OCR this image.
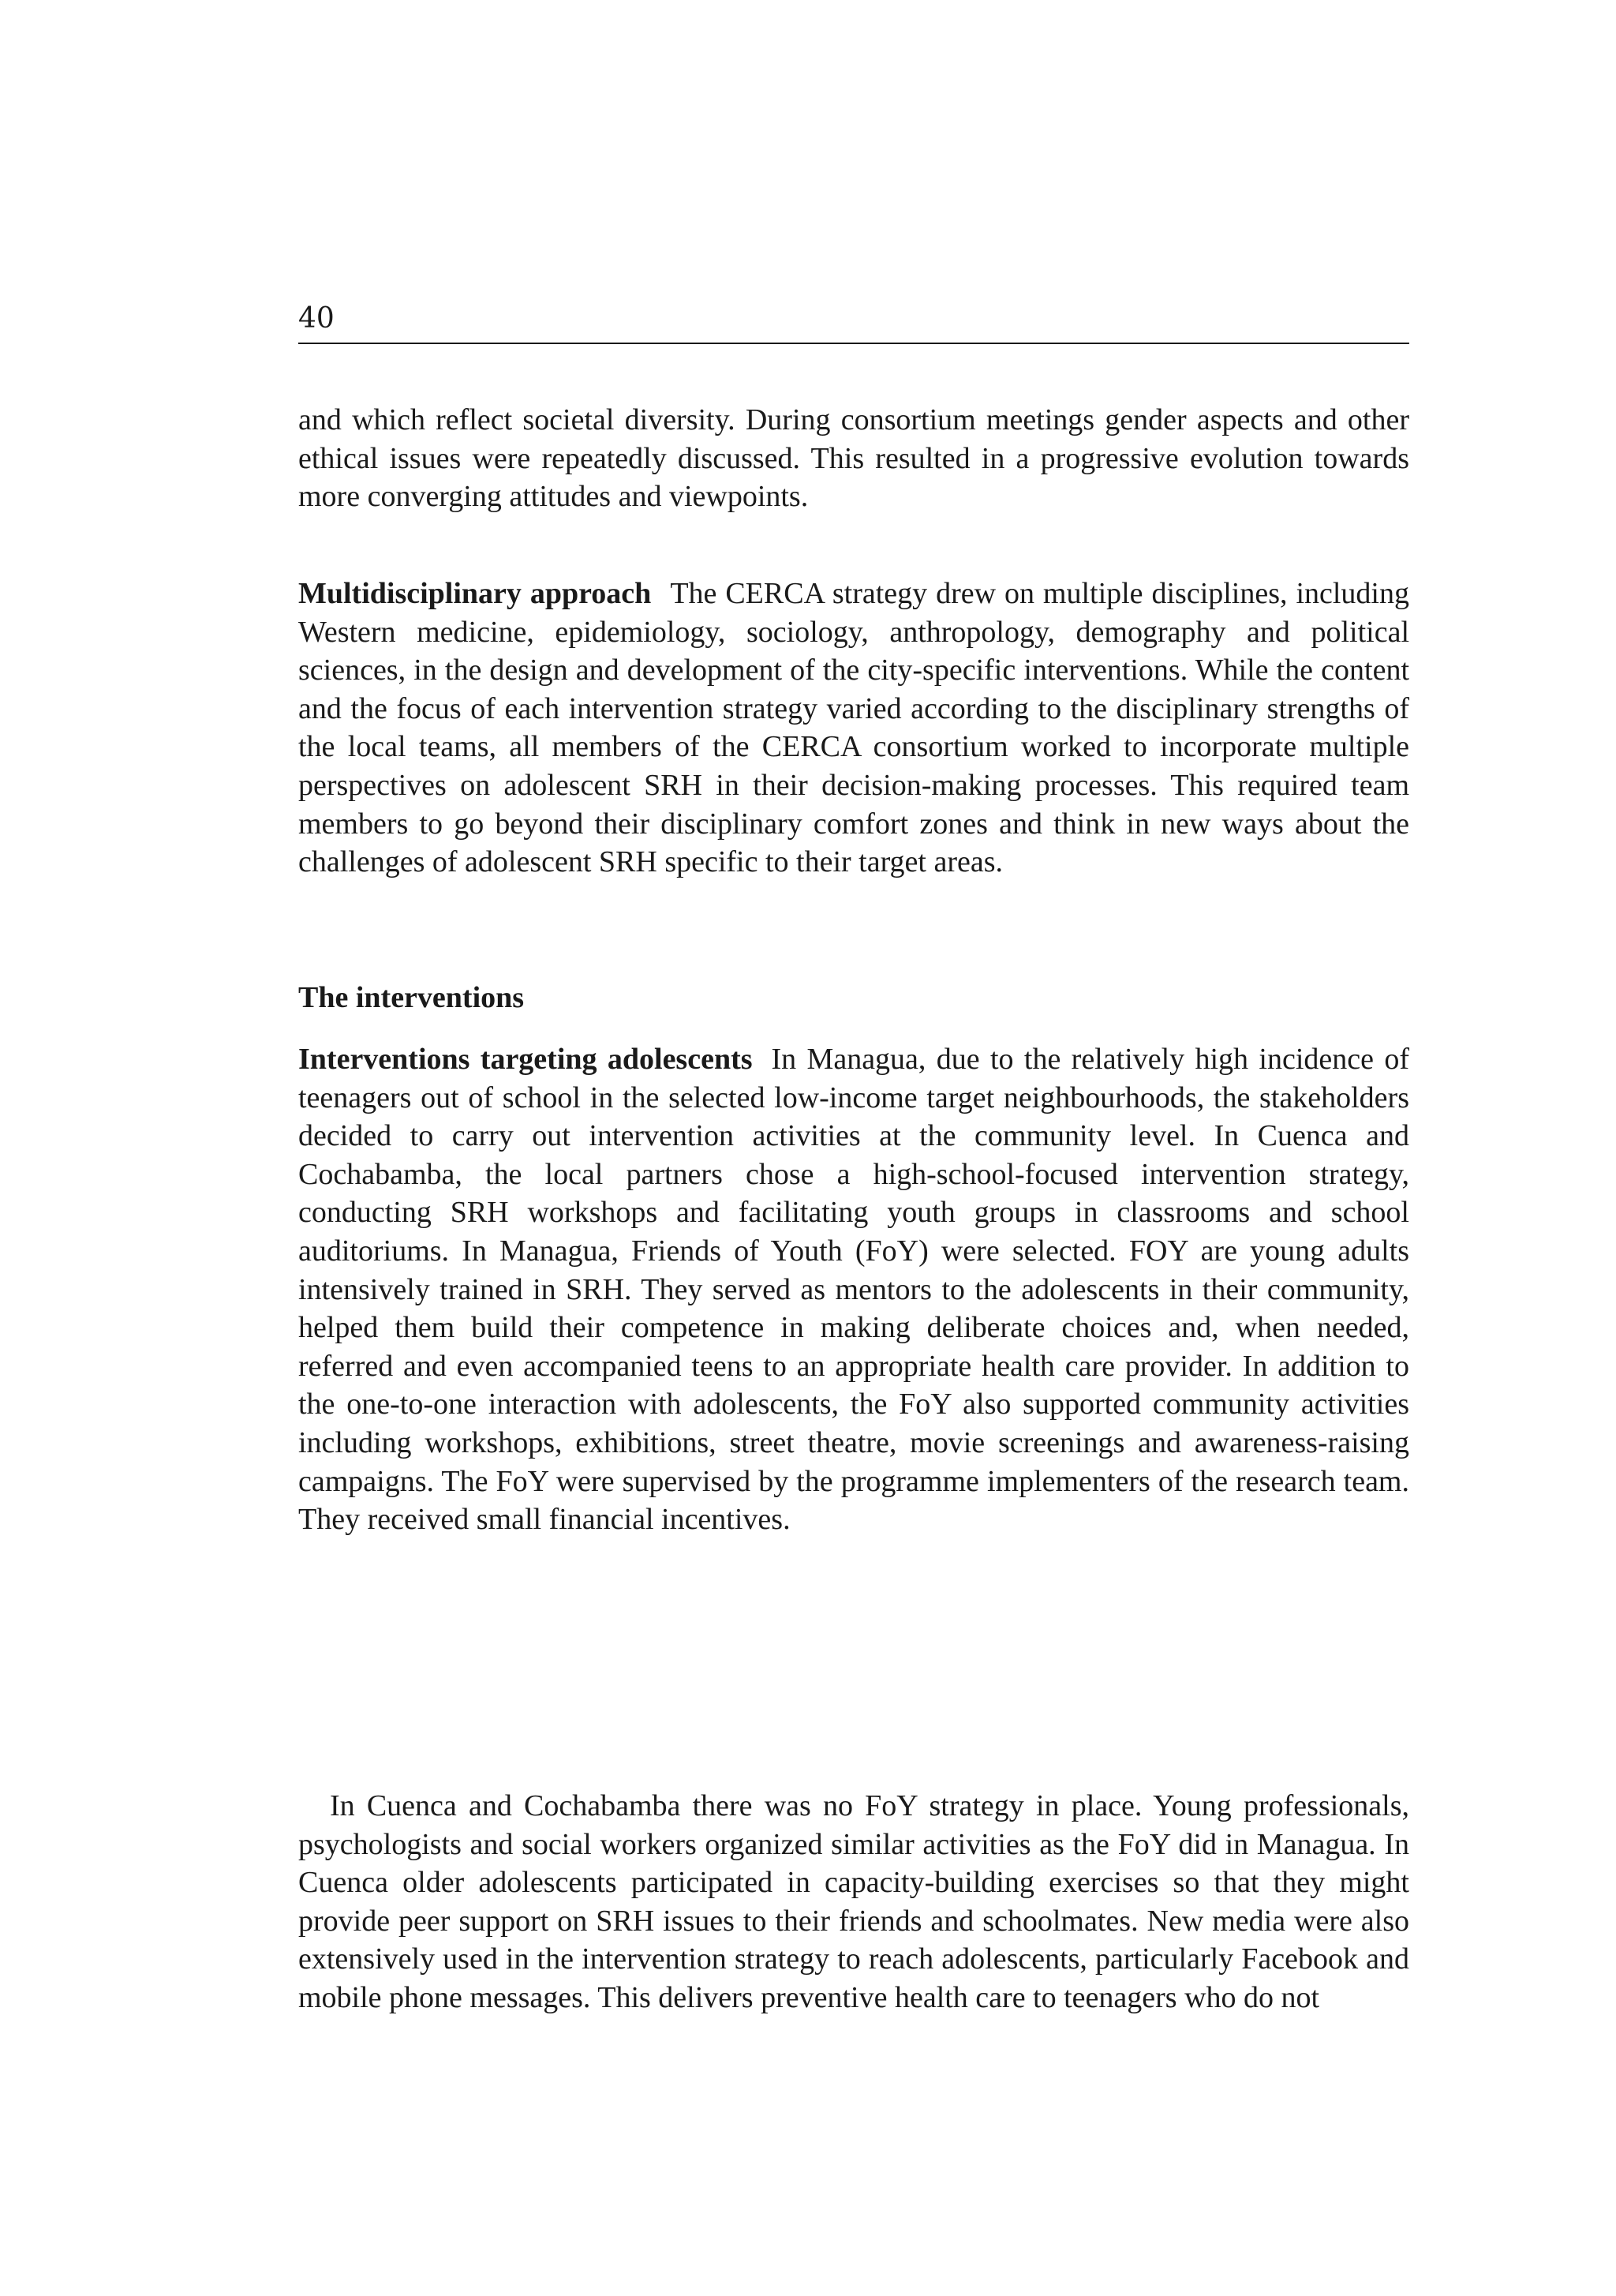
40

and which reflect societal diversity. During consortium meetings gender aspects and other ethical issues were repeatedly discussed. This resulted in a progressive evolution towards more converging attitudes and viewpoints.

Multidisciplinary approach The CERCA strategy drew on multiple disciplines, including Western medicine, epidemiology, sociology, anthropology, demography and political sciences, in the design and development of the city-specific interventions. While the content and the focus of each intervention strategy varied according to the disciplinary strengths of the local teams, all members of the CERCA consortium worked to incorporate multiple perspectives on adolescent SRH in their decision-making processes. This required team members to go beyond their disciplinary comfort zones and think in new ways about the challenges of adolescent SRH specific to their target areas.

The interventions

Interventions targeting adolescents In Managua, due to the relatively high incidence of teenagers out of school in the selected low-income target neighbourhoods, the stakeholders decided to carry out intervention activities at the community level. In Cuenca and Cochabamba, the local partners chose a high-school-focused intervention strategy, conducting SRH workshops and facilitating youth groups in classrooms and school auditoriums. In Managua, Friends of Youth (FoY) were selected. FOY are young adults intensively trained in SRH. They served as mentors to the adolescents in their community, helped them build their competence in making deliberate choices and, when needed, referred and even accompanied teens to an appropriate health care provider. In addition to the one-to-one interaction with adolescents, the FoY also supported community activities including workshops, exhibitions, street theatre, movie screenings and awareness-raising campaigns. The FoY were supervised by the programme implementers of the research team. They received small financial incentives.

In Cuenca and Cochabamba there was no FoY strategy in place. Young professionals, psychologists and social workers organized similar activities as the FoY did in Managua. In Cuenca older adolescents participated in capacity-building exercises so that they might provide peer support on SRH issues to their friends and schoolmates. New media were also extensively used in the intervention strategy to reach adolescents, particularly Facebook and mobile phone messages. This delivers preventive health care to teenagers who do not
